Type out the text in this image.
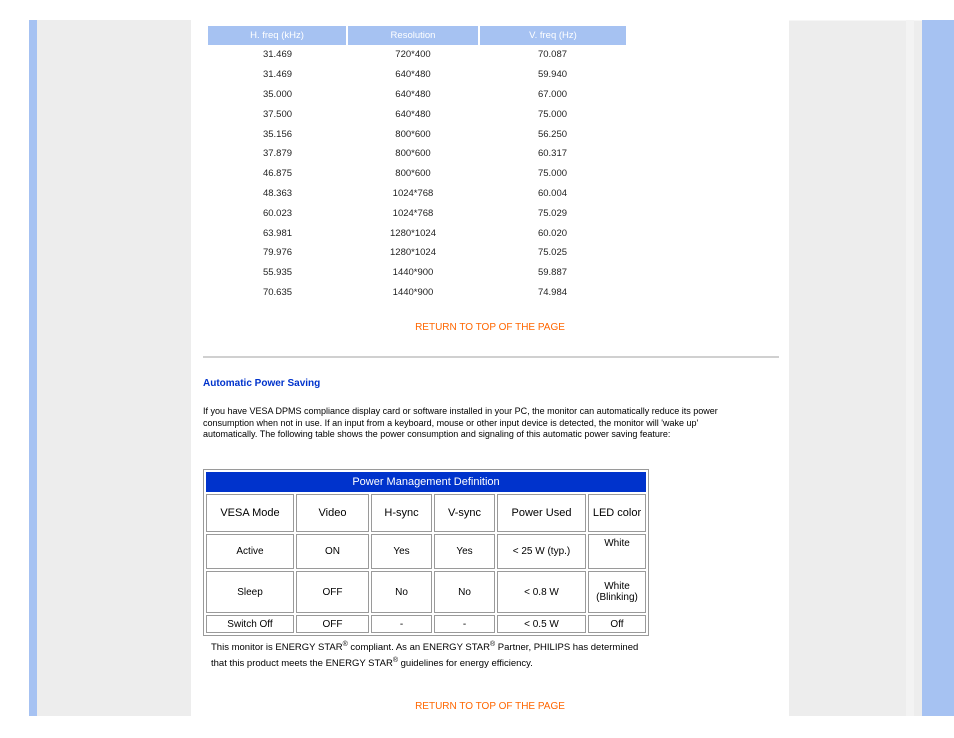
H. freq (kHz)	Resolution	V. freq (Hz)
31.469	720*400	70.087
31.469	640*480	59.940
35.000	640*480	67.000
37.500	640*480	75.000
35.156	800*600	56.250
37.879	800*600	60.317
46.875	800*600	75.000
48.363	1024*768	60.004
60.023	1024*768	75.029
63.981	1280*1024	60.020
79.976	1280*1024	75.025
55.935	1440*900	59.887
70.635	1440*900	74.984
RETURN TO TOP OF THE PAGE
Automatic Power Saving
If you have VESA DPMS compliance display card or software installed in your PC, the monitor can automatically reduce its power consumption when not in use. If an input from a keyboard, mouse or other input device is detected, the monitor will 'wake up' automatically. The following table shows the power consumption and signaling of this automatic power saving feature:
Power Management Definition					
VESA Mode	Video	H-sync	V-sync	Power Used	LED color
Active	ON	Yes	Yes	< 25 W (typ.)	White
Sleep	OFF	No	No	< 0.8 W	White (Blinking)
Switch Off	OFF	-	-	< 0.5 W	Off
This monitor is ENERGY STAR® compliant. As an ENERGY STAR® Partner, PHILIPS has determined that this product meets the ENERGY STAR® guidelines for energy efficiency.
RETURN TO TOP OF THE PAGE
